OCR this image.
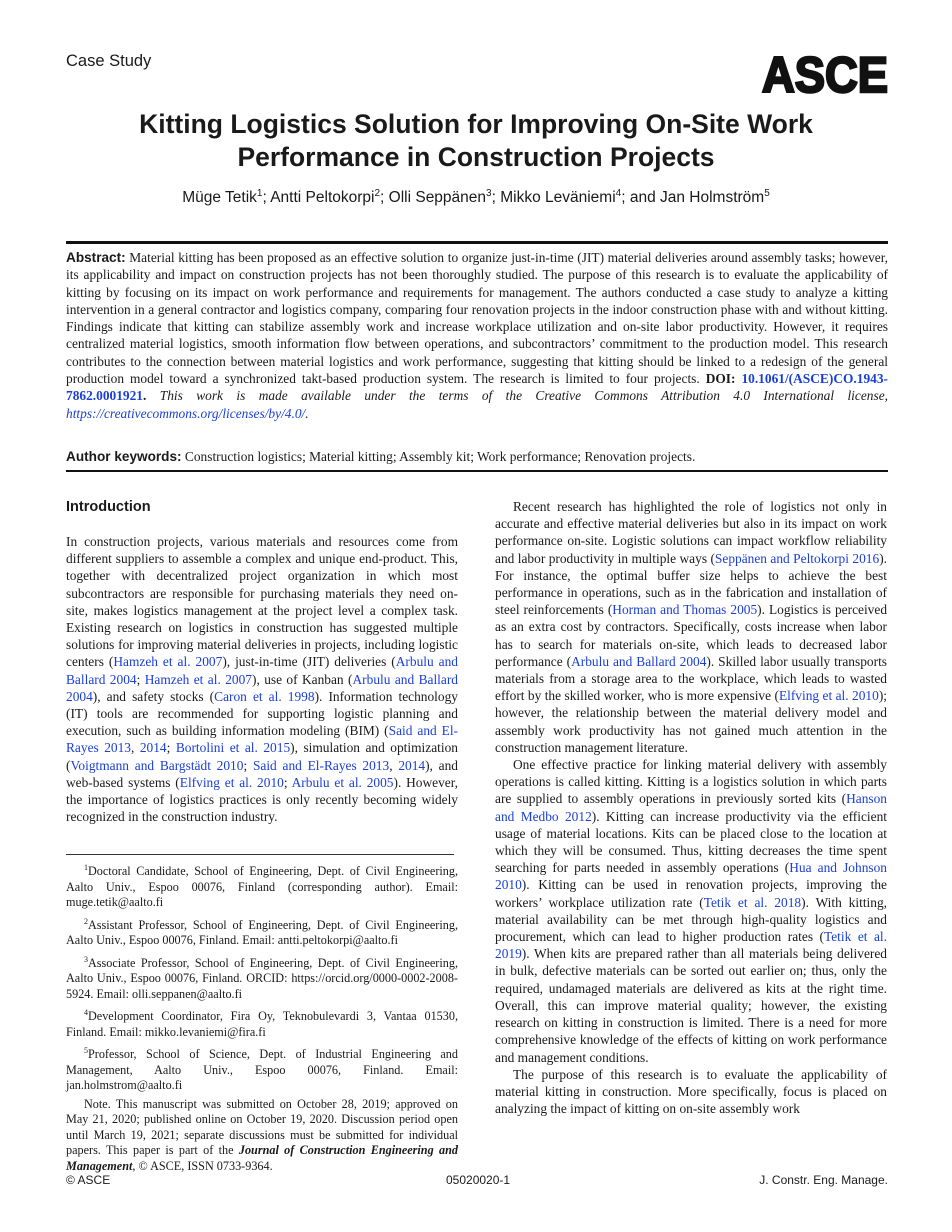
Case Study	ASCE
Kitting Logistics Solution for Improving On-Site Work Performance in Construction Projects
Müge Tetik$^1$; Antti Peltokorpi$^2$; Olli Seppänen$^3$; Mikko Leväniemi$^4$; and Jan Holmström$^5$
Abstract: Material kitting has been proposed as an effective solution to organize just-in-time (JIT) material deliveries around assembly tasks; however, its applicability and impact on construction projects has not been thoroughly studied. The purpose of this research is to evaluate the applicability of kitting by focusing on its impact on work performance and requirements for management. The authors conducted a case study to analyze a kitting intervention in a general contractor and logistics company, comparing four renovation projects in the indoor construction phase with and without kitting. Findings indicate that kitting can stabilize assembly work and increase workplace utilization and on-site labor productivity. However, it requires centralized material logistics, smooth information flow between operations, and subcontractors’ commitment to the production model. This research contributes to the connection between material logistics and work performance, suggesting that kitting should be linked to a redesign of the general production model toward a synchronized takt-based production system. The research is limited to four projects. DOI: 10.1061/(ASCE)CO.1943-7862.0001921. This work is made available under the terms of the Creative Commons Attribution 4.0 International license, https://creativecommons.org/licenses/by/4.0/.
Author keywords: Construction logistics; Material kitting; Assembly kit; Work performance; Renovation projects.
Introduction

In construction projects, various materials and resources come from different suppliers to assemble a complex and unique end-product. This, together with decentralized project organization in which most subcontractors are responsible for purchasing materials they need on-site, makes logistics management at the project level a complex task. Existing research on logistics in construction has suggested multiple solutions for improving material deliveries in projects, including logistic centers (Hamzeh et al. 2007), just-in-time (JIT) deliveries (Arbulu and Ballard 2004; Hamzeh et al. 2007), use of Kanban (Arbulu and Ballard 2004), and safety stocks (Caron et al. 1998). Information technology (IT) tools are recommended for supporting logistic planning and execution, such as building information modeling (BIM) (Said and El-Rayes 2013, 2014; Bortolini et al. 2015), simulation and optimization (Voigtmann and Bargstädt 2010; Said and El-Rayes 2013, 2014), and web-based systems (Elfving et al. 2010; Arbulu et al. 2005). However, the importance of logistics practices is only recently becoming widely recognized in the construction industry.

Recent research has highlighted the role of logistics not only in accurate and effective material deliveries but also in its impact on work performance on-site. Logistic solutions can impact workflow reliability and labor productivity in multiple ways (Seppänen and Peltokorpi 2016). For instance, the optimal buffer size helps to achieve the best performance in operations, such as in the fabrication and installation of steel reinforcements (Horman and Thomas 2005). Logistics is perceived as an extra cost by contractors. Specifically, costs increase when labor has to search for materials on-site, which leads to decreased labor performance (Arbulu and Ballard 2004). Skilled labor usually transports materials from a storage area to the workplace, which leads to wasted effort by the skilled worker, who is more expensive (Elfving et al. 2010); however, the relationship between the material delivery model and assembly work productivity has not gained much attention in the construction management literature.

One effective practice for linking material delivery with assembly operations is called kitting. Kitting is a logistics solution in which parts are supplied to assembly operations in previously sorted kits (Hanson and Medbo 2012). Kitting can increase productivity via the efficient usage of material locations. Kits can be placed close to the location at which they will be consumed. Thus, kitting decreases the time spent searching for parts needed in assembly operations (Hua and Johnson 2010). Kitting can be used in renovation projects, improving the workers’ workplace utilization rate (Tetik et al. 2018). With kitting, material availability can be met through high-quality logistics and procurement, which can lead to higher production rates (Tetik et al. 2019). When kits are prepared rather than all materials being delivered in bulk, defective materials can be sorted out earlier on; thus, only the required, undamaged materials are delivered as kits at the right time. Overall, this can improve material quality; however, the existing research on kitting in construction is limited. There is a need for more comprehensive knowledge of the effects of kitting on work performance and management conditions.

The purpose of this research is to evaluate the applicability of material kitting in construction. More specifically, focus is placed on analyzing the impact of kitting on on-site assembly work

$^1$Doctoral Candidate, School of Engineering, Dept. of Civil Engineering, Aalto Univ., Espoo 00076, Finland (corresponding author). Email: muge.tetik@aalto.fi

$^2$Assistant Professor, School of Engineering, Dept. of Civil Engineering, Aalto Univ., Espoo 00076, Finland. Email: antti.peltokorpi@aalto.fi

$^3$Associate Professor, School of Engineering, Dept. of Civil Engineering, Aalto Univ., Espoo 00076, Finland. ORCID: https://orcid.org/0000-0002-2008-5924. Email: olli.seppanen@aalto.fi

$^4$Development Coordinator, Fira Oy, Teknobulevardi 3, Vantaa 01530, Finland. Email: mikko.levaniemi@fira.fi

$^5$Professor, School of Science, Dept. of Industrial Engineering and Management, Aalto Univ., Espoo 00076, Finland. Email: jan.holmstrom@aalto.fi

Note. This manuscript was submitted on October 28, 2019; approved on May 21, 2020; published online on October 19, 2020. Discussion period open until March 19, 2021; separate discussions must be submitted for individual papers. This paper is part of the Journal of Construction Engineering and Management, © ASCE, ISSN 0733-9364.

© ASCE	05020020-1	J. Constr. Eng. Manage.
